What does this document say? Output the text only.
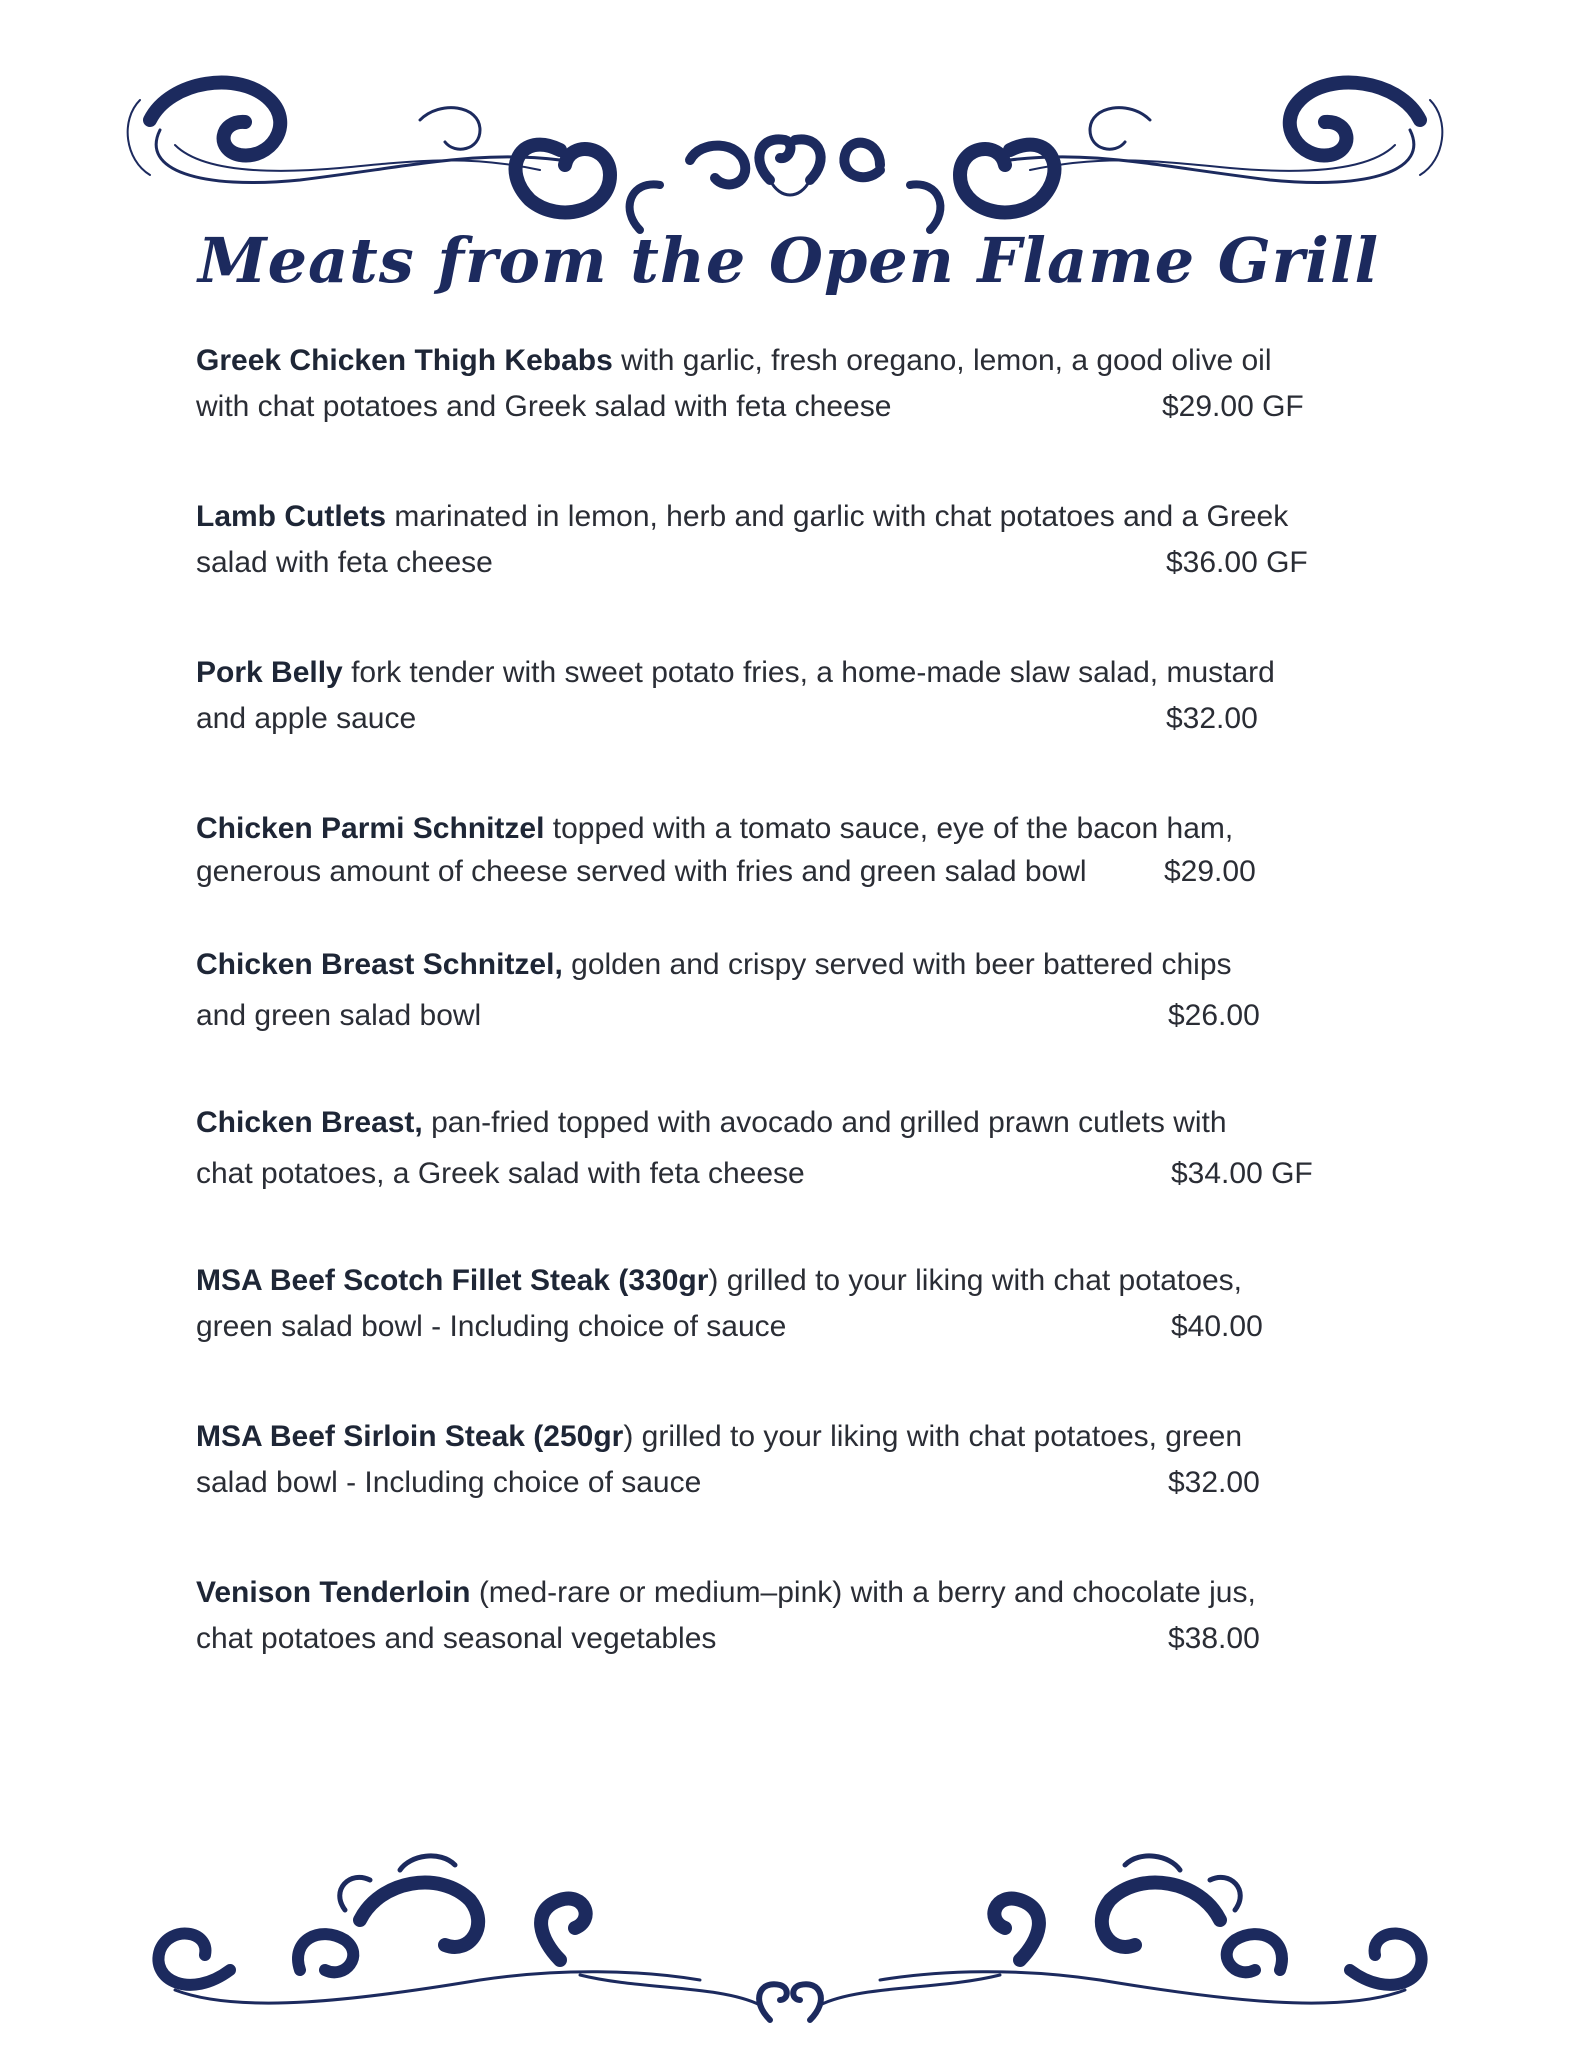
Meats from the Open Flame Grill
Greek Chicken Thigh Kebabs with garlic, fresh oregano, lemon, a good olive oil
with chat potatoes and Greek salad with feta cheese	$29.00 GF
Lamb Cutlets marinated in lemon, herb and garlic with chat potatoes and a Greek
salad with feta cheese	$36.00 GF
Pork Belly fork tender with sweet potato fries, a home-made slaw salad, mustard
and apple sauce	$32.00
Chicken Parmi Schnitzel topped with a tomato sauce, eye of the bacon ham,
generous amount of cheese served with fries and green salad bowl	$29.00
Chicken Breast Schnitzel, golden and crispy served with beer battered chips
and green salad bowl	$26.00
Chicken Breast, pan-fried topped with avocado and grilled prawn cutlets with
chat potatoes, a Greek salad with feta cheese	$34.00 GF
MSA Beef Scotch Fillet Steak (330gr) grilled to your liking with chat potatoes,
green salad bowl - Including choice of sauce	$40.00
MSA Beef Sirloin Steak (250gr) grilled to your liking with chat potatoes, green
salad bowl - Including choice of sauce	$32.00
Venison Tenderloin (med-rare or medium–pink) with a berry and chocolate jus,
chat potatoes and seasonal vegetables	$38.00
